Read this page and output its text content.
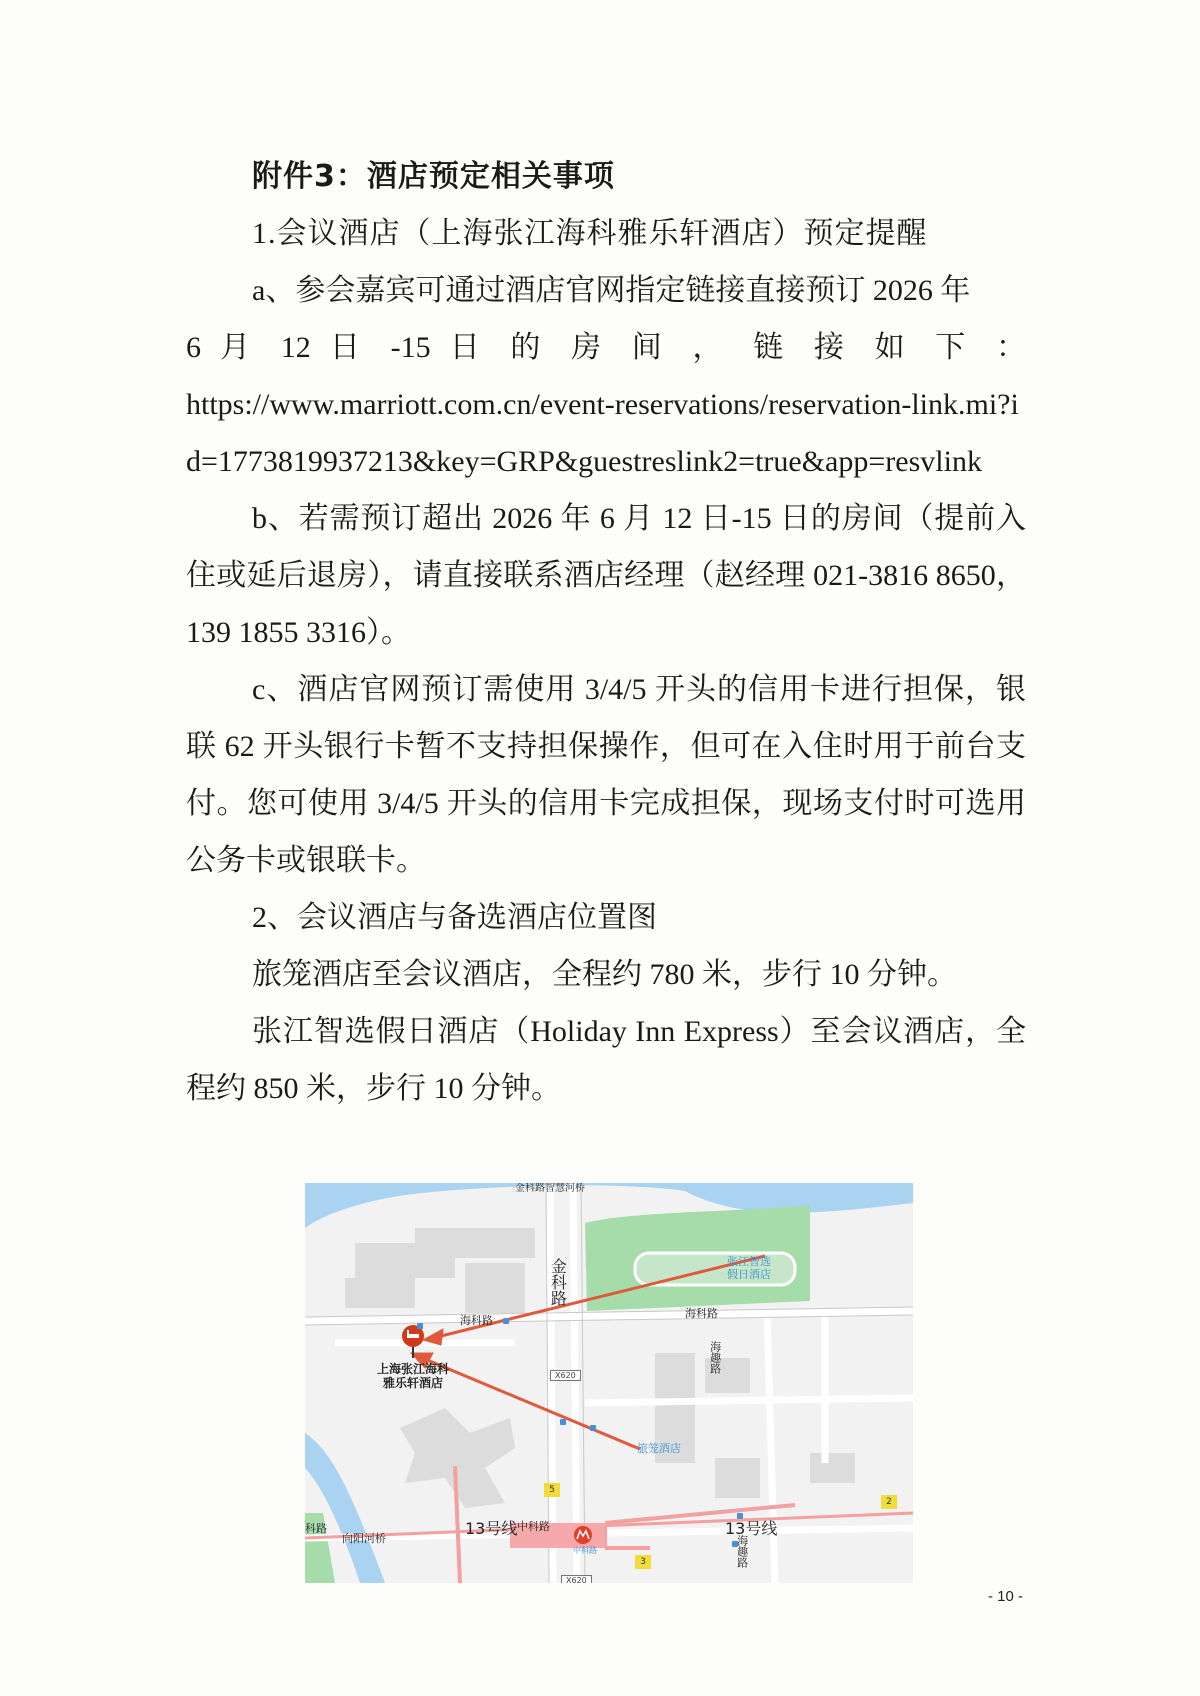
附件3：酒店预定相关事项

1.会议酒店（上海张江海科雅乐轩酒店）预定提醒

a、参会嘉宾可通过酒店官网指定链接直接预订 2026 年

6 月 12 日 -15 日 的 房 间 ， 链 接 如 下 ：

https://www.marriott.com.cn/event-reservations/reservation-link.mi?id=1773819937213&key=GRP&guestreslink2=true&app=resvlink

b、若需预订超出 2026 年 6 月 12 日-15 日的房间（提前入住或延后退房），请直接联系酒店经理（赵经理 021-3816 8650，139 1855 3316）。

c、酒店官网预订需使用 3/4/5 开头的信用卡进行担保，银联 62 开头银行卡暂不支持担保操作，但可在入住时用于前台支付。您可使用 3/4/5 开头的信用卡完成担保，现场支付时可选用公务卡或银联卡。

2、会议酒店与备选酒店位置图

旅笼酒店至会议酒店，全程约 780 米，步行 10 分钟。

张江智选假日酒店（Holiday Inn Express）至会议酒店，全程约 850 米，步行 10 分钟。

金科路智慧河桥
金科路
海科路
海科路
海趣路
海趣路
X620
X620
上海张江海科
雅乐轩酒店
张江智选
假日酒店
旅笼酒店
13号线	13号线
中科路
中科路
科路
向阳河桥
5
2
3
- 10 -
